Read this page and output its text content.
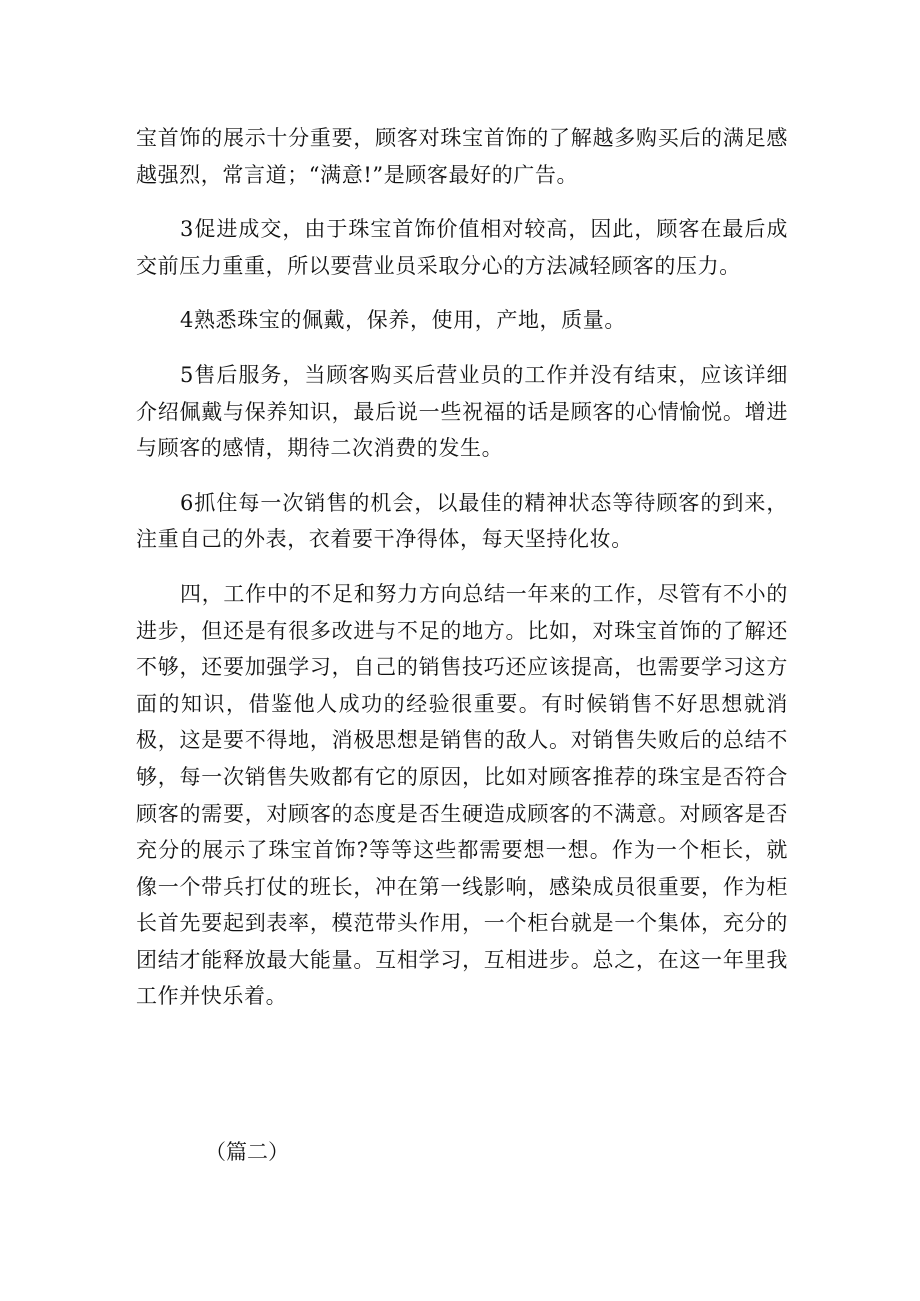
宝首饰的展示十分重要，顾客对珠宝首饰的了解越多购买后的满足感越强烈，常言道；“满意!”是顾客最好的广告。

3促进成交，由于珠宝首饰价值相对较高，因此，顾客在最后成交前压力重重，所以要营业员采取分心的方法减轻顾客的压力。

4熟悉珠宝的佩戴，保养，使用，产地，质量。

5售后服务，当顾客购买后营业员的工作并没有结束，应该详细介绍佩戴与保养知识，最后说一些祝福的话是顾客的心情愉悦。增进与顾客的感情，期待二次消费的发生。

6抓住每一次销售的机会，以最佳的精神状态等待顾客的到来，注重自己的外表，衣着要干净得体，每天坚持化妆。

四，工作中的不足和努力方向总结一年来的工作，尽管有不小的进步，但还是有很多改进与不足的地方。比如，对珠宝首饰的了解还不够，还要加强学习，自己的销售技巧还应该提高，也需要学习这方面的知识，借鉴他人成功的经验很重要。有时候销售不好思想就消极，这是要不得地，消极思想是销售的敌人。对销售失败后的总结不够，每一次销售失败都有它的原因，比如对顾客推荐的珠宝是否符合顾客的需要，对顾客的态度是否生硬造成顾客的不满意。对顾客是否充分的展示了珠宝首饰?等等这些都需要想一想。作为一个柜长，就像一个带兵打仗的班长，冲在第一线影响，感染成员很重要，作为柜长首先要起到表率，模范带头作用，一个柜台就是一个集体，充分的团结才能释放最大能量。互相学习，互相进步。总之，在这一年里我工作并快乐着。

（篇二）
